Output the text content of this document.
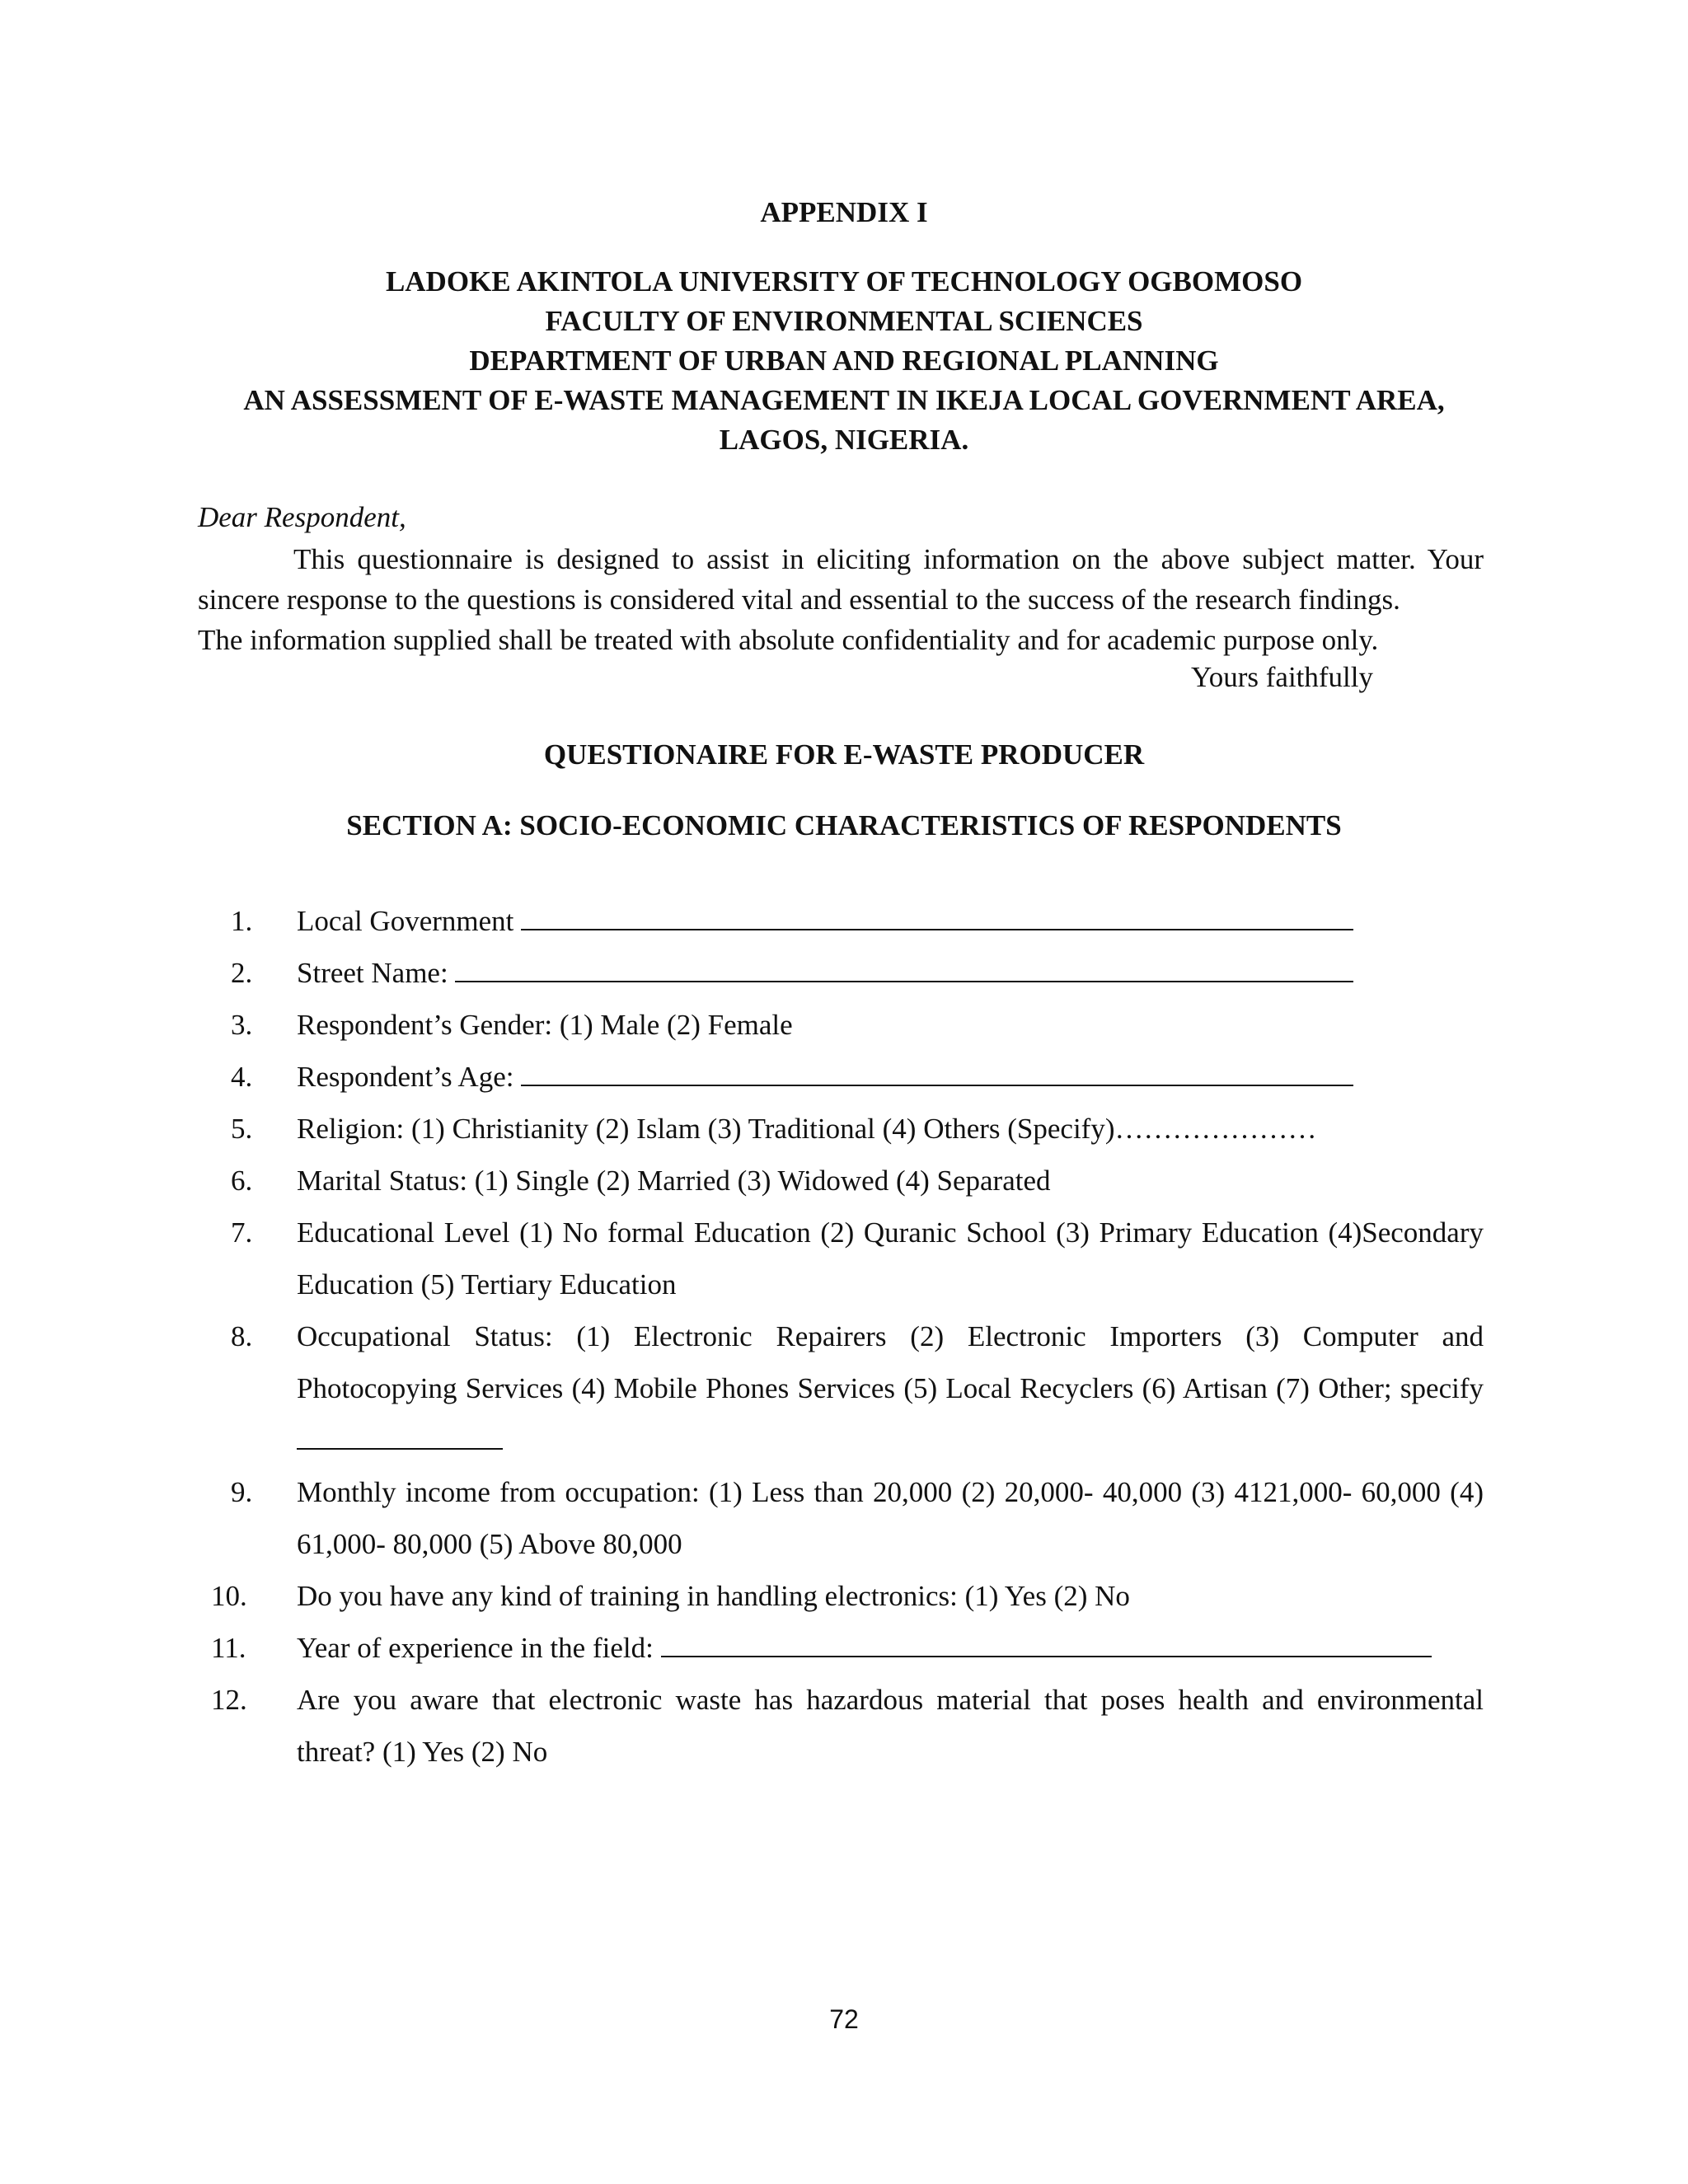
APPENDIX I
LADOKE AKINTOLA UNIVERSITY OF TECHNOLOGY OGBOMOSO
FACULTY OF ENVIRONMENTAL SCIENCES
DEPARTMENT OF URBAN AND REGIONAL PLANNING
AN ASSESSMENT OF E-WASTE MANAGEMENT IN IKEJA LOCAL GOVERNMENT AREA,
LAGOS, NIGERIA.
Dear Respondent,
This questionnaire is designed to assist in eliciting information on the above subject matter. Your sincere response to the questions is considered vital and essential to the success of the research findings.
The information supplied shall be treated with absolute confidentiality and for academic purpose only.
Yours faithfully
QUESTIONAIRE FOR E-WASTE PRODUCER
SECTION A: SOCIO-ECONOMIC CHARACTERISTICS OF RESPONDENTS
1.	Local Government
2.	Street Name:
3.	Respondent’s Gender: (1) Male (2) Female
4.	Respondent’s Age:
5.	Religion: (1) Christianity (2) Islam (3) Traditional (4) Others (Specify)…………………
6.	Marital Status: (1) Single (2) Married (3) Widowed (4) Separated
7.	Educational Level (1) No formal Education (2) Quranic School (3) Primary Education (4)Secondary Education (5) Tertiary Education
8.	Occupational Status: (1) Electronic Repairers (2) Electronic Importers (3) Computer and Photocopying Services (4) Mobile Phones Services (5) Local Recyclers (6) Artisan (7) Other; specify
9.	Monthly income from occupation: (1) Less than 20,000 (2) 20,000- 40,000 (3) 4121,000- 60,000 (4) 61,000- 80,000 (5) Above 80,000
10.	Do you have any kind of training in handling electronics: (1) Yes (2) No
11.	Year of experience in the field:
12.	Are you aware that electronic waste has hazardous material that poses health and environmental threat? (1) Yes (2) No
72
